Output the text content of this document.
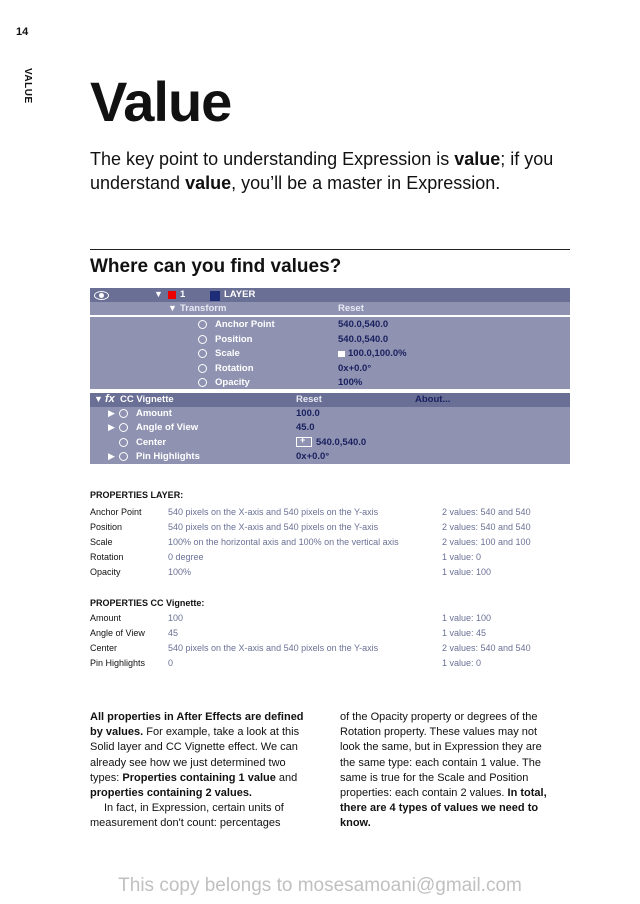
14
VALUE Value

The key point to understanding Expression is value; if you understand value, you’ll be a master in Expression.

Where can you find values?
▼ 1	LAYER
▼ Transform	Reset
Anchor Point	540.0,540.0
Position	540.0,540.0
Scale	100.0,100.0%
Rotation	0x+0.0°
Opacity	100%
▼ fx CC Vignette	Reset	About...
▶ Amount	100.0
▶ Angle of View	45.0
Center
+	540.0,540.0
▶ Pin Highlights	0x+0.0°
PROPERTIES LAYER:
Anchor Point	540 pixels on the X-axis and 540 pixels on the Y-axis	2 values: 540 and 540
Position	540 pixels on the X-axis and 540 pixels on the Y-axis	2 values: 540 and 540
Scale	100% on the horizontal axis and 100% on the vertical axis	2 values: 100 and 100
Rotation	0 degree	1 value: 0
Opacity	100%	1 value: 100
PROPERTIES CC Vignette:
Amount	100	1 value: 100
Angle of View	45	1 value: 45
Center	540 pixels on the X-axis and 540 pixels on the Y-axis	2 values: 540 and 540
Pin Highlights	0	1 value: 0

All properties in After Effects are defined by values. For example, take a look at this Solid layer and CC Vignette effect. We can already see how we just determined two types: Properties containing 1 value and properties containing 2 values.

In fact, in Expression, certain units of measurement don't count: percentages

of the Opacity property or degrees of the Rotation property. These values may not look the same, but in Expression they are the same type: each contain 1 value. The same is true for the Scale and Position properties: each contain 2 values. In total, there are 4 types of values we need to know.

This copy belongs to mosesamoani@gmail.com
